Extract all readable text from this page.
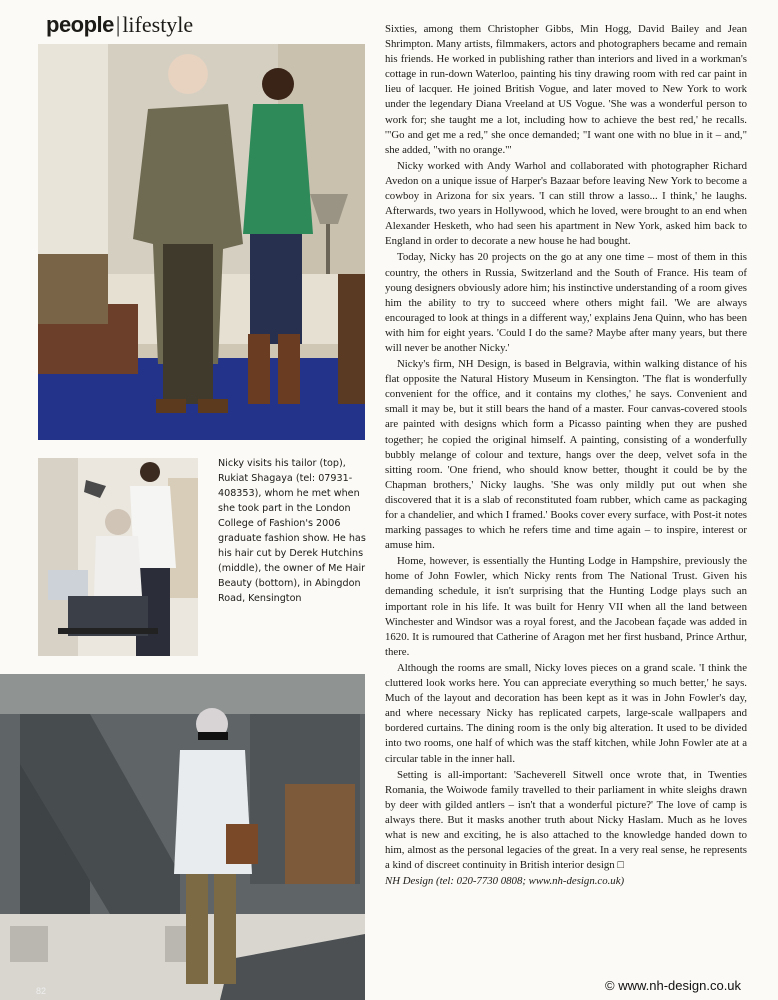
people | lifestyle
Nicky visits his tailor (top), Rukiat Shagaya (tel: 07931-408353), whom he met when she took part in the London College of Fashion's 2006 graduate fashion show. He has his hair cut by Derek Hutchins (middle), the owner of Me Hair Beauty (bottom), in Abingdon Road, Kensington

Sixties, among them Christopher Gibbs, Min Hogg, David Bailey and Jean Shrimpton. Many artists, filmmakers, actors and photographers became and remain his friends. He worked in publishing rather than interiors and lived in a workman's cottage in run-down Waterloo, painting his tiny drawing room with red car paint in lieu of lacquer. He joined British Vogue, and later moved to New York to work under the legendary Diana Vreeland at US Vogue. 'She was a wonderful person to work for; she taught me a lot, including how to achieve the best red,' he recalls. '"Go and get me a red," she once demanded; "I want one with no blue in it – and," she added, "with no orange."'

Nicky worked with Andy Warhol and collaborated with photographer Richard Avedon on a unique issue of Harper's Bazaar before leaving New York to become a cowboy in Arizona for six years. 'I can still throw a lasso... I think,' he laughs. Afterwards, two years in Hollywood, which he loved, were brought to an end when Alexander Hesketh, who had seen his apartment in New York, asked him back to England in order to decorate a new house he had bought.

Today, Nicky has 20 projects on the go at any one time – most of them in this country, the others in Russia, Switzerland and the South of France. His team of young designers obviously adore him; his instinctive understanding of a room gives him the ability to try to succeed where others might fail. 'We are always encouraged to look at things in a different way,' explains Jena Quinn, who has been with him for eight years. 'Could I do the same? Maybe after many years, but there will never be another Nicky.'

Nicky's firm, NH Design, is based in Belgravia, within walking distance of his flat opposite the Natural History Museum in Kensington. 'The flat is wonderfully convenient for the office, and it contains my clothes,' he says. Convenient and small it may be, but it still bears the hand of a master. Four canvas-covered stools are painted with designs which form a Picasso painting when they are pushed together; he copied the original himself. A painting, consisting of a wonderfully bubbly melange of colour and texture, hangs over the deep, velvet sofa in the sitting room. 'One friend, who should know better, thought it could be by the Chapman brothers,' Nicky laughs. 'She was only mildly put out when she discovered that it is a slab of reconstituted foam rubber, which came as packaging for a chandelier, and which I framed.' Books cover every surface, with Post-it notes marking passages to which he refers time and time again – to inspire, interest or amuse him.

Home, however, is essentially the Hunting Lodge in Hampshire, previously the home of John Fowler, which Nicky rents from The National Trust. Given his demanding schedule, it isn't surprising that the Hunting Lodge plays such an important role in his life. It was built for Henry VII when all the land between Winchester and Windsor was a royal forest, and the Jacobean façade was added in 1620. It is rumoured that Catherine of Aragon met her first husband, Prince Arthur, there.

Although the rooms are small, Nicky loves pieces on a grand scale. 'I think the cluttered look works here. You can appreciate everything so much better,' he says. Much of the layout and decoration has been kept as it was in John Fowler's day, and where necessary Nicky has replicated carpets, large-scale wallpapers and bordered curtains. The dining room is the only big alteration. It used to be divided into two rooms, one half of which was the staff kitchen, while John Fowler ate at a circular table in the inner hall.

Setting is all-important: 'Sacheverell Sitwell once wrote that, in Twenties Romania, the Woiwode family travelled to their parliament in white sleighs drawn by deer with gilded antlers – isn't that a wonderful picture?' The love of camp is always there. But it masks another truth about Nicky Haslam. Much as he loves what is new and exciting, he is also attached to the knowledge handed down to him, almost as the personal legacies of the great. In a very real sense, he represents a kind of discreet continuity in British interior design □

NH Design (tel: 020-7730 0808; www.nh-design.co.uk)

82	© www.nh-design.co.uk
